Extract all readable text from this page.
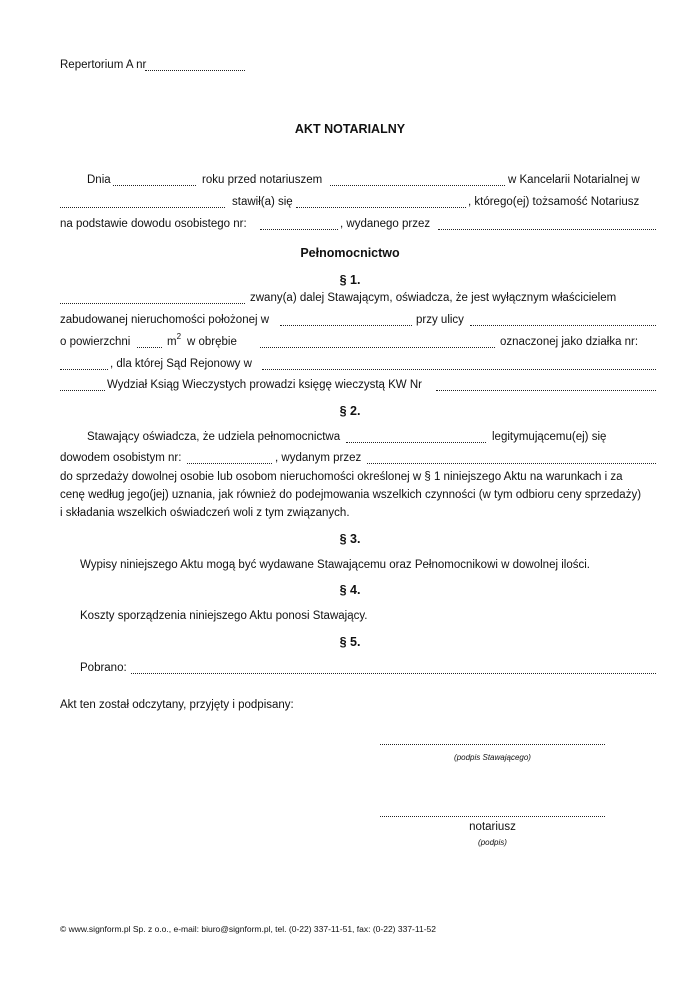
Repertorium A nr
AKT NOTARIALNY
Dnia	roku przed notariuszem	w Kancelarii Notarialnej w
stawił(a) się	, którego(ej) tożsamość Notariusz
na podstawie dowodu osobistego nr:	, wydanego przez
Pełnomocnictwo
§ 1.
zwany(a) dalej Stawającym, oświadcza, że jest wyłącznym właścicielem
zabudowanej nieruchomości położonej w	przy ulicy
o powierzchni	$m^2$ w obrębie	oznaczonej jako działka nr:
, dla której Sąd Rejonowy w
Wydział Ksiąg Wieczystych prowadzi księgę wieczystą KW Nr
§ 2.
Stawający oświadcza, że udziela pełnomocnictwa	legitymującemu(ej) się
dowodem osobistym nr:	, wydanym przez
do sprzedaży dowolnej osobie lub osobom nieruchomości określonej w § 1 niniejszego Aktu na warunkach i za
cenę według jego(jej) uznania, jak również do podejmowania wszelkich czynności (w tym odbioru ceny sprzedaży)
i składania wszelkich oświadczeń woli z tym związanych.
§ 3.
Wypisy niniejszego Aktu mogą być wydawane Stawającemu oraz Pełnomocnikowi w dowolnej ilości.
§ 4.
Koszty sporządzenia niniejszego Aktu ponosi Stawający.
§ 5.
Pobrano:
Akt ten został odczytany, przyjęty i podpisany:
(podpis Stawającego)
notariusz
(podpis)
© www.signform.pl Sp. z o.o., e-mail: biuro@signform.pl, tel. (0-22) 337-11-51, fax: (0-22) 337-11-52
